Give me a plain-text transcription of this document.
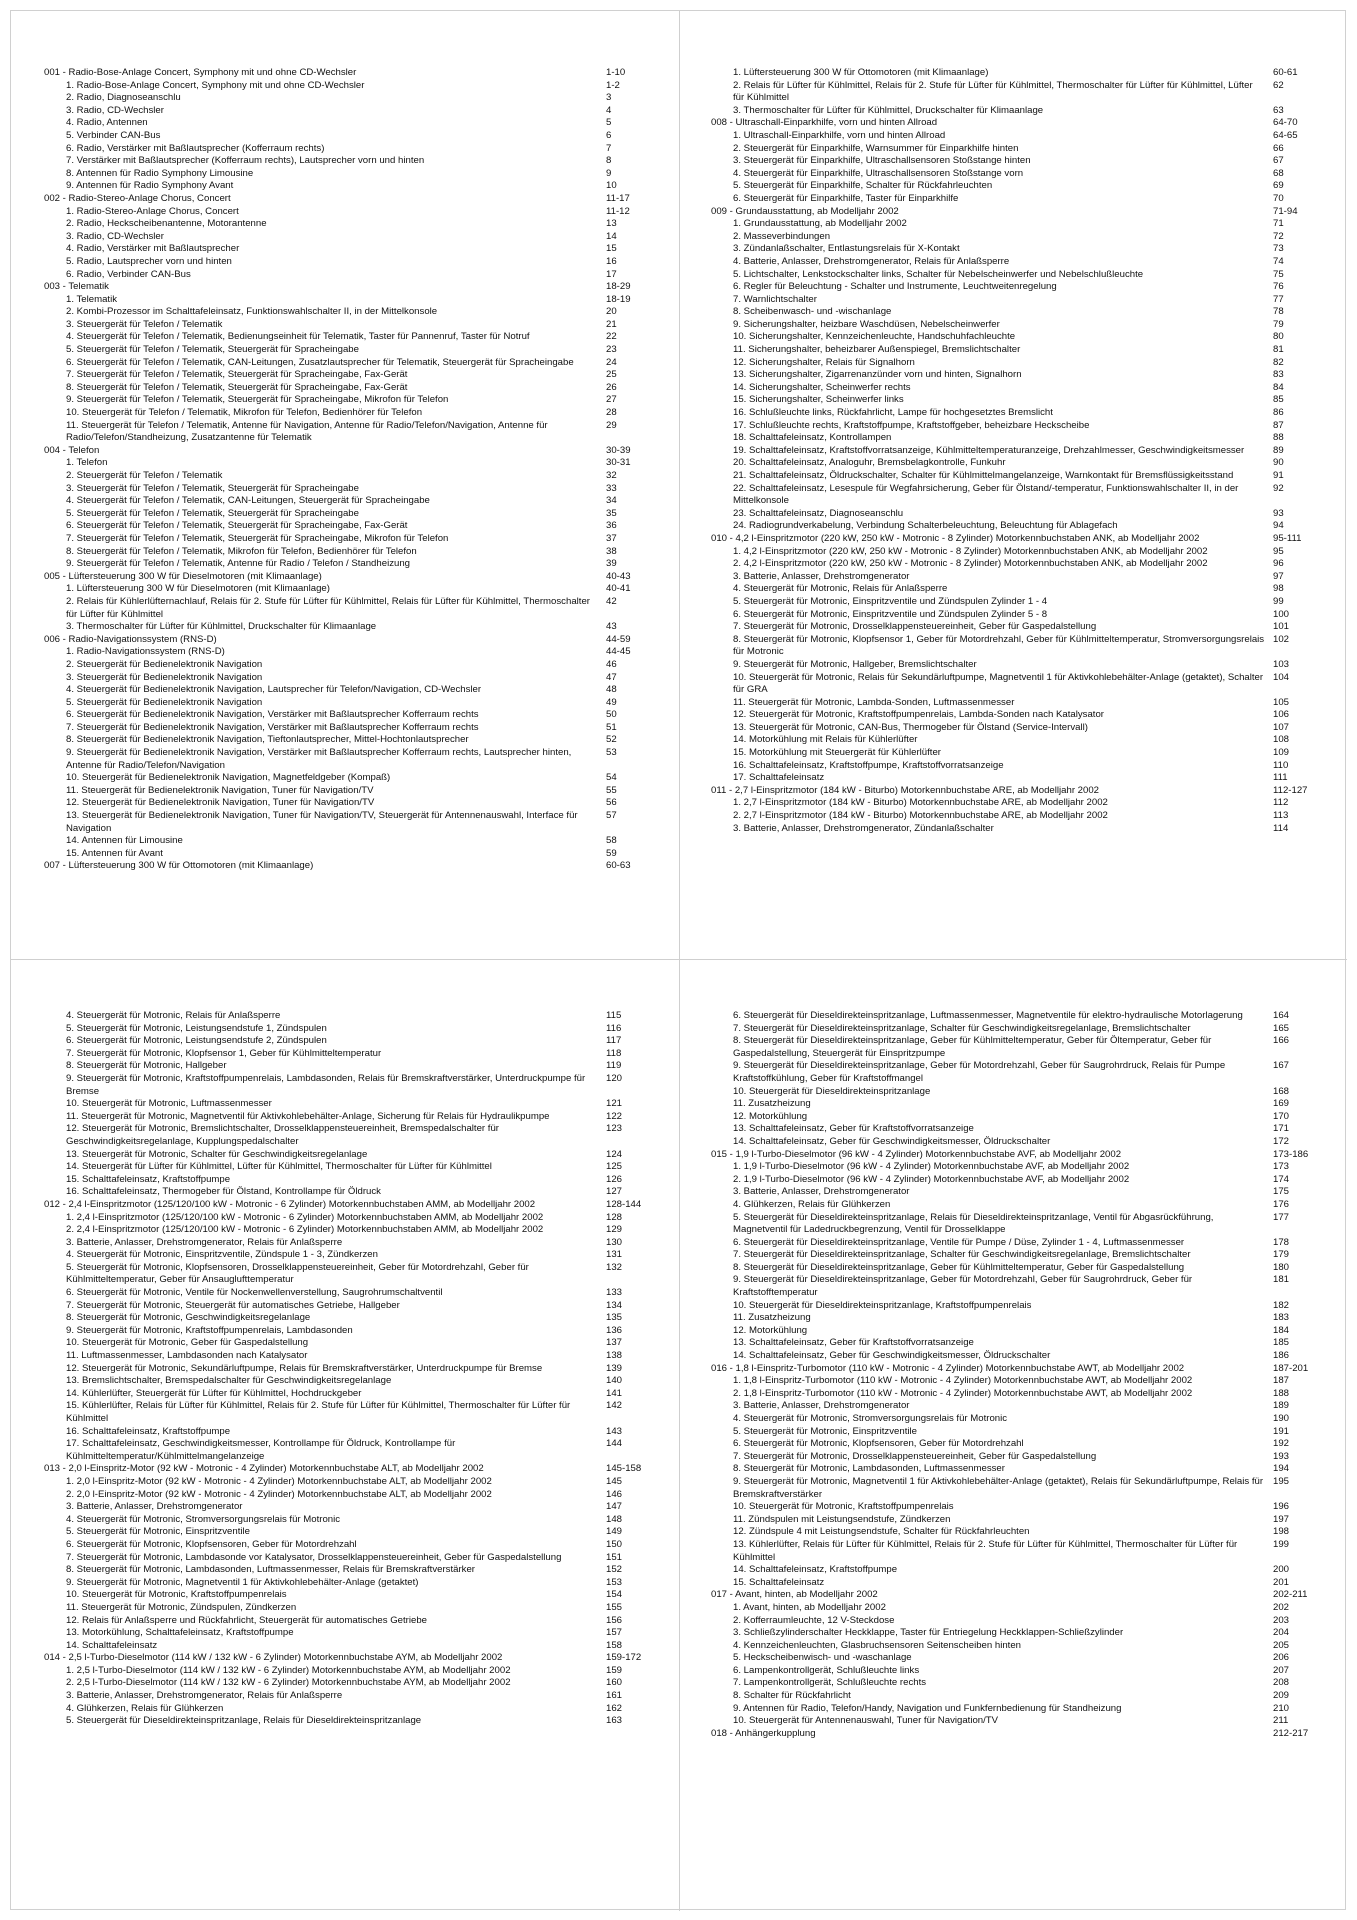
001 - Radio-Bose-Anlage Concert, Symphony mit und ohne CD-Wechsler	1-10
1. Radio-Bose-Anlage Concert, Symphony mit und ohne CD-Wechsler	1-2
2. Radio, Diagnoseanschlu	3
3. Radio, CD-Wechsler	4
4. Radio, Antennen	5
5. Verbinder CAN-Bus	6
6. Radio, Verstärker mit Baßlautsprecher (Kofferraum rechts)	7
7. Verstärker mit Baßlautsprecher (Kofferraum rechts), Lautsprecher vorn und hinten	8
8. Antennen für Radio Symphony Limousine	9
9. Antennen für Radio Symphony Avant	10
002 - Radio-Stereo-Anlage Chorus, Concert	11-17
1. Radio-Stereo-Anlage Chorus, Concert	11-12
2. Radio, Heckscheibenantenne, Motorantenne	13
3. Radio, CD-Wechsler	14
4. Radio, Verstärker mit Baßlautsprecher	15
5. Radio, Lautsprecher vorn und hinten	16
6. Radio, Verbinder CAN-Bus	17
003 - Telematik	18-29
1. Telematik	18-19
2. Kombi-Prozessor im Schalttafeleinsatz, Funktionswahlschalter II, in der Mittelkonsole	20
3. Steuergerät für Telefon / Telematik	21
4. Steuergerät für Telefon / Telematik, Bedienungseinheit für Telematik, Taster für Pannenruf, Taster für Notruf	22
5. Steuergerät für Telefon / Telematik, Steuergerät für Spracheingabe	23
6. Steuergerät für Telefon / Telematik, CAN-Leitungen, Zusatzlautsprecher für Telematik, Steuergerät für Spracheingabe	24
7. Steuergerät für Telefon / Telematik, Steuergerät für Spracheingabe, Fax-Gerät	25
8. Steuergerät für Telefon / Telematik, Steuergerät für Spracheingabe, Fax-Gerät	26
9. Steuergerät für Telefon / Telematik, Steuergerät für Spracheingabe, Mikrofon für Telefon	27
10. Steuergerät für Telefon / Telematik, Mikrofon für Telefon, Bedienhörer für Telefon	28
11. Steuergerät für Telefon / Telematik, Antenne für Navigation, Antenne für Radio/Telefon/Navigation, Antenne für Radio/Telefon/Standheizung, Zusatzantenne für Telematik
29
004 - Telefon	30-39
1. Telefon	30-31
2. Steuergerät für Telefon / Telematik	32
3. Steuergerät für Telefon / Telematik, Steuergerät für Spracheingabe	33
4. Steuergerät für Telefon / Telematik, CAN-Leitungen, Steuergerät für Spracheingabe	34
5. Steuergerät für Telefon / Telematik, Steuergerät für Spracheingabe	35
6. Steuergerät für Telefon / Telematik, Steuergerät für Spracheingabe, Fax-Gerät	36
7. Steuergerät für Telefon / Telematik, Steuergerät für Spracheingabe, Mikrofon für Telefon	37
8. Steuergerät für Telefon / Telematik, Mikrofon für Telefon, Bedienhörer für Telefon	38
9. Steuergerät für Telefon / Telematik, Antenne für Radio / Telefon / Standheizung	39
005 - Lüftersteuerung 300 W für Dieselmotoren (mit Klimaanlage)	40-43
1. Lüftersteuerung 300 W für Dieselmotoren (mit Klimaanlage)	40-41
2. Relais für Kühlerlüfternachlauf, Relais für 2. Stufe für Lüfter für Kühlmittel, Relais für Lüfter für Kühlmittel, Thermoschalter für Lüfter für Kühlmittel
42
3. Thermoschalter für Lüfter für Kühlmittel, Druckschalter für Klimaanlage	43
006 - Radio-Navigationssystem (RNS-D)	44-59
1. Radio-Navigationssystem (RNS-D)	44-45
2. Steuergerät für Bedienelektronik Navigation	46
3. Steuergerät für Bedienelektronik Navigation	47
4. Steuergerät für Bedienelektronik Navigation, Lautsprecher für Telefon/Navigation, CD-Wechsler	48
5. Steuergerät für Bedienelektronik Navigation	49
6. Steuergerät für Bedienelektronik Navigation, Verstärker mit Baßlautsprecher Kofferraum rechts	50
7. Steuergerät für Bedienelektronik Navigation, Verstärker mit Baßlautsprecher Kofferraum rechts	51
8. Steuergerät für Bedienelektronik Navigation, Tieftonlautsprecher, Mittel-Hochtonlautsprecher	52
9. Steuergerät für Bedienelektronik Navigation, Verstärker mit Baßlautsprecher Kofferraum rechts, Lautsprecher hinten, Antenne für Radio/Telefon/Navigation
53
10. Steuergerät für Bedienelektronik Navigation, Magnetfeldgeber (Kompaß)	54
11. Steuergerät für Bedienelektronik Navigation, Tuner für Navigation/TV	55
12. Steuergerät für Bedienelektronik Navigation, Tuner für Navigation/TV	56
13. Steuergerät für Bedienelektronik Navigation, Tuner für Navigation/TV, Steuergerät für Antennenauswahl, Interface für Navigation
57
14. Antennen für Limousine	58
15. Antennen für Avant	59
007 - Lüftersteuerung 300 W für Ottomotoren (mit Klimaanlage)	60-63
1. Lüftersteuerung 300 W für Ottomotoren (mit Klimaanlage)	60-61
2. Relais für Lüfter für Kühlmittel, Relais für 2. Stufe für Lüfter für Kühlmittel, Thermoschalter für Lüfter für Kühlmittel, Lüfter für Kühlmittel
62
3. Thermoschalter für Lüfter für Kühlmittel, Druckschalter für Klimaanlage	63
008 - Ultraschall-Einparkhilfe, vorn und hinten Allroad	64-70
1. Ultraschall-Einparkhilfe, vorn und hinten Allroad	64-65
2. Steuergerät für Einparkhilfe, Warnsummer für Einparkhilfe hinten	66
3. Steuergerät für Einparkhilfe, Ultraschallsensoren Stoßstange hinten	67
4. Steuergerät für Einparkhilfe, Ultraschallsensoren Stoßstange vorn	68
5. Steuergerät für Einparkhilfe, Schalter für Rückfahrleuchten	69
6. Steuergerät für Einparkhilfe, Taster für Einparkhilfe	70
009 - Grundausstattung, ab Modelljahr 2002	71-94
1. Grundausstattung, ab Modelljahr 2002	71
2. Masseverbindungen	72
3. Zündanlaßschalter, Entlastungsrelais für X-Kontakt	73
4. Batterie, Anlasser, Drehstromgenerator, Relais für Anlaßsperre	74
5. Lichtschalter, Lenkstockschalter links, Schalter für Nebelscheinwerfer und Nebelschlußleuchte	75
6. Regler für Beleuchtung - Schalter und Instrumente, Leuchtweitenregelung	76
7. Warnlichtschalter	77
8. Scheibenwasch- und -wischanlage	78
9. Sicherungshalter, heizbare Waschdüsen, Nebelscheinwerfer	79
10. Sicherungshalter, Kennzeichenleuchte, Handschuhfachleuchte	80
11. Sicherungshalter, beheizbarer Außenspiegel, Bremslichtschalter	81
12. Sicherungshalter, Relais für Signalhorn	82
13. Sicherungshalter, Zigarrenanzünder vorn und hinten, Signalhorn	83
14. Sicherungshalter, Scheinwerfer rechts	84
15. Sicherungshalter, Scheinwerfer links	85
16. Schlußleuchte links, Rückfahrlicht, Lampe für hochgesetztes Bremslicht	86
17. Schlußleuchte rechts, Kraftstoffpumpe, Kraftstoffgeber, beheizbare Heckscheibe	87
18. Schalttafeleinsatz, Kontrollampen	88
19. Schalttafeleinsatz, Kraftstoffvorratsanzeige, Kühlmitteltemperaturanzeige, Drehzahlmesser, Geschwindigkeitsmesser	89
20. Schalttafeleinsatz, Analoguhr, Bremsbelagkontrolle, Funkuhr	90
21. Schalttafeleinsatz, Öldruckschalter, Schalter für Kühlmittelmangelanzeige, Warnkontakt für Bremsflüssigkeitsstand	91
22. Schalttafeleinsatz, Lesespule für Wegfahrsicherung, Geber für Ölstand/-temperatur, Funktionswahlschalter II, in der Mittelkonsole
92
23. Schalttafeleinsatz, Diagnoseanschlu	93
24. Radiogrundverkabelung, Verbindung Schalterbeleuchtung, Beleuchtung für Ablagefach	94
010 - 4,2 l-Einspritzmotor (220 kW, 250 kW - Motronic - 8 Zylinder) Motorkennbuchstaben ANK, ab Modelljahr 2002	95-111
1. 4,2 l-Einspritzmotor (220 kW, 250 kW - Motronic - 8 Zylinder) Motorkennbuchstaben ANK, ab Modelljahr 2002	95
2. 4,2 l-Einspritzmotor (220 kW, 250 kW - Motronic - 8 Zylinder) Motorkennbuchstaben ANK, ab Modelljahr 2002	96
3. Batterie, Anlasser, Drehstromgenerator	97
4. Steuergerät für Motronic, Relais für Anlaßsperre	98
5. Steuergerät für Motronic, Einspritzventile und Zündspulen Zylinder 1 - 4	99
6. Steuergerät für Motronic, Einspritzventile und Zündspulen Zylinder 5 - 8	100
7. Steuergerät für Motronic, Drosselklappensteuereinheit, Geber für Gaspedalstellung	101
8. Steuergerät für Motronic, Klopfsensor 1, Geber für Motordrehzahl, Geber für Kühlmitteltemperatur, Stromversorgungsrelais für Motronic
102
9. Steuergerät für Motronic, Hallgeber, Bremslichtschalter	103
10. Steuergerät für Motronic, Relais für Sekundärluftpumpe, Magnetventil 1 für Aktivkohlebehälter-Anlage (getaktet), Schalter für GRA
104
11. Steuergerät für Motronic, Lambda-Sonden, Luftmassenmesser	105
12. Steuergerät für Motronic, Kraftstoffpumpenrelais, Lambda-Sonden nach Katalysator	106
13. Steuergerät für Motronic, CAN-Bus, Thermogeber für Ölstand (Service-Intervall)	107
14. Motorkühlung mit Relais für Kühlerlüfter	108
15. Motorkühlung mit Steuergerät für Kühlerlüfter	109
16. Schalttafeleinsatz, Kraftstoffpumpe, Kraftstoffvorratsanzeige	110
17. Schalttafeleinsatz	111
011 - 2,7 l-Einspritzmotor (184 kW - Biturbo) Motorkennbuchstabe ARE, ab Modelljahr 2002	112-127
1. 2,7 l-Einspritzmotor (184 kW - Biturbo) Motorkennbuchstabe ARE, ab Modelljahr 2002	112
2. 2,7 l-Einspritzmotor (184 kW - Biturbo) Motorkennbuchstabe ARE, ab Modelljahr 2002	113
3. Batterie, Anlasser, Drehstromgenerator, Zündanlaßschalter	114
4. Steuergerät für Motronic, Relais für Anlaßsperre	115
5. Steuergerät für Motronic, Leistungsendstufe 1, Zündspulen	116
6. Steuergerät für Motronic, Leistungsendstufe 2, Zündspulen	117
7. Steuergerät für Motronic, Klopfsensor 1, Geber für Kühlmitteltemperatur	118
8. Steuergerät für Motronic, Hallgeber	119
9. Steuergerät für Motronic, Kraftstoffpumpenrelais, Lambdasonden, Relais für Bremskraftverstärker, Unterdruckpumpe für Bremse
120
10. Steuergerät für Motronic, Luftmassenmesser	121
11. Steuergerät für Motronic, Magnetventil für Aktivkohlebehälter-Anlage, Sicherung für Relais für Hydraulikpumpe	122
12. Steuergerät für Motronic, Bremslichtschalter, Drosselklappensteuereinheit, Bremspedalschalter für Geschwindigkeitsregelanlage, Kupplungspedalschalter
123
13. Steuergerät für Motronic, Schalter für Geschwindigkeitsregelanlage	124
14. Steuergerät für Lüfter für Kühlmittel, Lüfter für Kühlmittel, Thermoschalter für Lüfter für Kühlmittel	125
15. Schalttafeleinsatz, Kraftstoffpumpe	126
16. Schalttafeleinsatz, Thermogeber für Ölstand, Kontrollampe für Öldruck	127
012 - 2,4 l-Einspritzmotor (125/120/100 kW - Motronic - 6 Zylinder) Motorkennbuchstaben AMM, ab Modelljahr 2002	128-144
1. 2,4 l-Einspritzmotor (125/120/100 kW - Motronic - 6 Zylinder) Motorkennbuchstaben AMM, ab Modelljahr 2002	128
2. 2,4 l-Einspritzmotor (125/120/100 kW - Motronic - 6 Zylinder) Motorkennbuchstaben AMM, ab Modelljahr 2002	129
3. Batterie, Anlasser, Drehstromgenerator, Relais für Anlaßsperre	130
4. Steuergerät für Motronic, Einspritzventile, Zündspule 1 - 3, Zündkerzen	131
5. Steuergerät für Motronic, Klopfsensoren, Drosselklappensteuereinheit, Geber für Motordrehzahl, Geber für Kühlmitteltemperatur, Geber für Ansauglufttemperatur
132
6. Steuergerät für Motronic, Ventile für Nockenwellenverstellung, Saugrohrumschaltventil	133
7. Steuergerät für Motronic, Steuergerät für automatisches Getriebe, Hallgeber	134
8. Steuergerät für Motronic, Geschwindigkeitsregelanlage	135
9. Steuergerät für Motronic, Kraftstoffpumpenrelais, Lambdasonden	136
10. Steuergerät für Motronic, Geber für Gaspedalstellung	137
11. Luftmassenmesser, Lambdasonden nach Katalysator	138
12. Steuergerät für Motronic, Sekundärluftpumpe, Relais für Bremskraftverstärker, Unterdruckpumpe für Bremse	139
13. Bremslichtschalter, Bremspedalschalter für Geschwindigkeitsregelanlage	140
14. Kühlerlüfter, Steuergerät für Lüfter für Kühlmittel, Hochdruckgeber	141
15. Kühlerlüfter, Relais für Lüfter für Kühlmittel, Relais für 2. Stufe für Lüfter für Kühlmittel, Thermoschalter für Lüfter für Kühlmittel
142
16. Schalttafeleinsatz, Kraftstoffpumpe	143
17. Schalttafeleinsatz, Geschwindigkeitsmesser, Kontrollampe für Öldruck, Kontrollampe für Kühlmitteltemperatur/Kühlmittelmangelanzeige
144
013 - 2,0 l-Einspritz-Motor (92 kW - Motronic - 4 Zylinder) Motorkennbuchstabe ALT, ab Modelljahr 2002	145-158
1. 2,0 l-Einspritz-Motor (92 kW - Motronic - 4 Zylinder) Motorkennbuchstabe ALT, ab Modelljahr 2002	145
2. 2,0 l-Einspritz-Motor (92 kW - Motronic - 4 Zylinder) Motorkennbuchstabe ALT, ab Modelljahr 2002	146
3. Batterie, Anlasser, Drehstromgenerator	147
4. Steuergerät für Motronic, Stromversorgungsrelais für Motronic	148
5. Steuergerät für Motronic, Einspritzventile	149
6. Steuergerät für Motronic, Klopfsensoren, Geber für Motordrehzahl	150
7. Steuergerät für Motronic, Lambdasonde vor Katalysator, Drosselklappensteuereinheit, Geber für Gaspedalstellung	151
8. Steuergerät für Motronic, Lambdasonden, Luftmassenmesser, Relais für Bremskraftverstärker	152
9. Steuergerät für Motronic, Magnetventil 1 für Aktivkohlebehälter-Anlage (getaktet)	153
10. Steuergerät für Motronic, Kraftstoffpumpenrelais	154
11. Steuergerät für Motronic, Zündspulen, Zündkerzen	155
12. Relais für Anlaßsperre und Rückfahrlicht, Steuergerät für automatisches Getriebe	156
13. Motorkühlung, Schalttafeleinsatz, Kraftstoffpumpe	157
14. Schalttafeleinsatz	158
014 - 2,5 l-Turbo-Dieselmotor (114 kW / 132 kW - 6 Zylinder) Motorkennbuchstabe AYM, ab Modelljahr 2002	159-172
1. 2,5 l-Turbo-Dieselmotor (114 kW / 132 kW - 6 Zylinder) Motorkennbuchstabe AYM, ab Modelljahr 2002	159
2. 2,5 l-Turbo-Dieselmotor (114 kW / 132 kW - 6 Zylinder) Motorkennbuchstabe AYM, ab Modelljahr 2002	160
3. Batterie, Anlasser, Drehstromgenerator, Relais für Anlaßsperre	161
4. Glühkerzen, Relais für Glühkerzen	162
5. Steuergerät für Dieseldirekteinspritzanlage, Relais für Dieseldirekteinspritzanlage	163
6. Steuergerät für Dieseldirekteinspritzanlage, Luftmassenmesser, Magnetventile für elektro-hydraulische Motorlagerung	164
7. Steuergerät für Dieseldirekteinspritzanlage, Schalter für Geschwindigkeitsregelanlage, Bremslichtschalter	165
8. Steuergerät für Dieseldirekteinspritzanlage, Geber für Kühlmitteltemperatur, Geber für Öltemperatur, Geber für Gaspedalstellung, Steuergerät für Einspritzpumpe
166
9. Steuergerät für Dieseldirekteinspritzanlage, Geber für Motordrehzahl, Geber für Saugrohrdruck, Relais für Pumpe Kraftstoffkühlung, Geber für Kraftstoffmangel
167
10. Steuergerät für Dieseldirekteinspritzanlage	168
11. Zusatzheizung	169
12. Motorkühlung	170
13. Schalttafeleinsatz, Geber für Kraftstoffvorratsanzeige	171
14. Schalttafeleinsatz, Geber für Geschwindigkeitsmesser, Öldruckschalter	172
015 - 1,9 l-Turbo-Dieselmotor (96 kW - 4 Zylinder) Motorkennbuchstabe AVF, ab Modelljahr 2002	173-186
1. 1,9 l-Turbo-Dieselmotor (96 kW - 4 Zylinder) Motorkennbuchstabe AVF, ab Modelljahr 2002	173
2. 1,9 l-Turbo-Dieselmotor (96 kW - 4 Zylinder) Motorkennbuchstabe AVF, ab Modelljahr 2002	174
3. Batterie, Anlasser, Drehstromgenerator	175
4. Glühkerzen, Relais für Glühkerzen	176
5. Steuergerät für Dieseldirekteinspritzanlage, Relais für Dieseldirekteinspritzanlage, Ventil für Abgasrückführung, Magnetventil für Ladedruckbegrenzung, Ventil für Drosselklappe
177
6. Steuergerät für Dieseldirekteinspritzanlage, Ventile für Pumpe / Düse, Zylinder 1 - 4, Luftmassenmesser	178
7. Steuergerät für Dieseldirekteinspritzanlage, Schalter für Geschwindigkeitsregelanlage, Bremslichtschalter	179
8. Steuergerät für Dieseldirekteinspritzanlage, Geber für Kühlmitteltemperatur, Geber für Gaspedalstellung	180
9. Steuergerät für Dieseldirekteinspritzanlage, Geber für Motordrehzahl, Geber für Saugrohrdruck, Geber für Kraftstofftemperatur
181
10. Steuergerät für Dieseldirekteinspritzanlage, Kraftstoffpumpenrelais	182
11. Zusatzheizung	183
12. Motorkühlung	184
13. Schalttafeleinsatz, Geber für Kraftstoffvorratsanzeige	185
14. Schalttafeleinsatz, Geber für Geschwindigkeitsmesser, Öldruckschalter	186
016 - 1,8 l-Einspritz-Turbomotor (110 kW - Motronic - 4 Zylinder) Motorkennbuchstabe AWT, ab Modelljahr 2002	187-201
1. 1,8 l-Einspritz-Turbomotor (110 kW - Motronic - 4 Zylinder) Motorkennbuchstabe AWT, ab Modelljahr 2002	187
2. 1,8 l-Einspritz-Turbomotor (110 kW - Motronic - 4 Zylinder) Motorkennbuchstabe AWT, ab Modelljahr 2002	188
3. Batterie, Anlasser, Drehstromgenerator	189
4. Steuergerät für Motronic, Stromversorgungsrelais für Motronic	190
5. Steuergerät für Motronic, Einspritzventile	191
6. Steuergerät für Motronic, Klopfsensoren, Geber für Motordrehzahl	192
7. Steuergerät für Motronic, Drosselklappensteuereinheit, Geber für Gaspedalstellung	193
8. Steuergerät für Motronic, Lambdasonden, Luftmassenmesser	194
9. Steuergerät für Motronic, Magnetventil 1 für Aktivkohlebehälter-Anlage (getaktet), Relais für Sekundärluftpumpe, Relais für Bremskraftverstärker
195
10. Steuergerät für Motronic, Kraftstoffpumpenrelais	196
11. Zündspulen mit Leistungsendstufe, Zündkerzen	197
12. Zündspule 4 mit Leistungsendstufe, Schalter für Rückfahrleuchten	198
13. Kühlerlüfter, Relais für Lüfter für Kühlmittel, Relais für 2. Stufe für Lüfter für Kühlmittel, Thermoschalter für Lüfter für Kühlmittel
199
14. Schalttafeleinsatz, Kraftstoffpumpe	200
15. Schalttafeleinsatz	201
017 - Avant, hinten, ab Modelljahr 2002	202-211
1. Avant, hinten, ab Modelljahr 2002	202
2. Kofferraumleuchte, 12 V-Steckdose	203
3. Schließzylinderschalter Heckklappe, Taster für Entriegelung Heckklappen-Schließzylinder	204
4. Kennzeichenleuchten, Glasbruchsensoren Seitenscheiben hinten	205
5. Heckscheibenwisch- und -waschanlage	206
6. Lampenkontrollgerät, Schlußleuchte links	207
7. Lampenkontrollgerät, Schlußleuchte rechts	208
8. Schalter für Rückfahrlicht	209
9. Antennen für Radio, Telefon/Handy, Navigation und Funkfernbedienung für Standheizung	210
10. Steuergerät für Antennenauswahl, Tuner für Navigation/TV	211
018 - Anhängerkupplung	212-217
